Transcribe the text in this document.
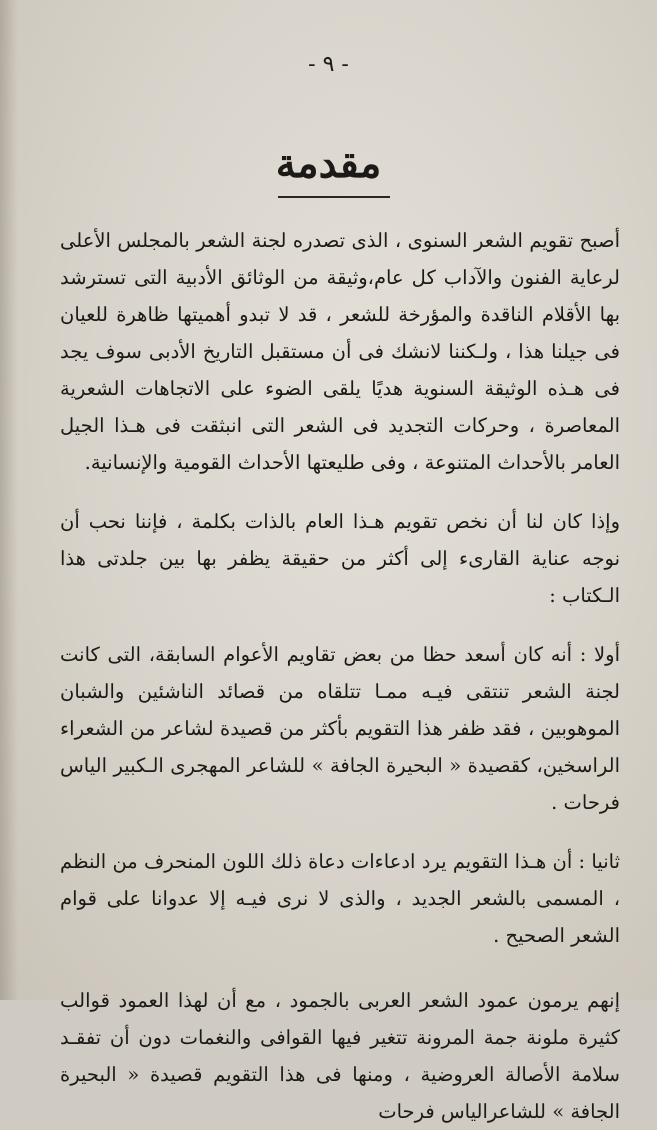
- ٩ -
مقدمة

أصبح تقويم الشعر السنوى ، الذى تصدره لجنة الشعر بالمجلس الأعلى لرعاية الفنون والآداب كل عام،وثيقة من الوثائق الأدبية التى تسترشد بها الأقلام الناقدة والمؤرخة للشعر ، قد لا تبدو أهميتها ظاهرة للعيان فى جيلنا هذا ، ولـكننا لانشك فى أن مستقبل التاريخ الأدبى سوف يجد فى هـذه الوثيقة السنوية هديًا يلقى الضوء على الاتجاهات الشعرية المعاصرة ، وحركات التجديد فى الشعر التى انبثقت فى هـذا الجيل العامر بالأحداث المتنوعة ، وفى طليعتها الأحداث القومية والإنسانية.

وإذا كان لنا أن نخص تقويم هـذا العام بالذات بكلمة ، فإننا نحب أن نوجه عناية القارىء إلى أكثر من حقيقة يظفر بها بين جلدتى هذا الـكتاب :

أولا : أنه كان أسعد حظا من بعض تقاويم الأعوام السابقة، التى كانت لجنة الشعر تنتقى فيـه ممـا تتلقاه من قصائد الناشئين والشبان الموهوبين ، فقد ظفر هذا التقويم بأكثر من قصيدة لشاعر من الشعراء الراسخين، كقصيدة « البحيرة الجافة » للشاعر المهجرى الـكبير الياس فرحات .

ثانيا : أن هـذا التقويم يرد ادعاءات دعاة ذلك اللون المنحرف من النظم ، المسمى بالشعر الجديد ، والذى لا نرى فيـه إلا عدوانا على قوام الشعر الصحيح .

إنهم يرمون عمود الشعر العربى بالجمود ، مع أن لهذا العمود قوالب كثيرة ملونة جمة المرونة تتغير فيها القوافى والنغمات دون أن تفقـد سلامة الأصالة العروضية ، ومنها فى هذا التقويم قصيدة « البحيرة الجافة » للشاعرالياس فرحات
